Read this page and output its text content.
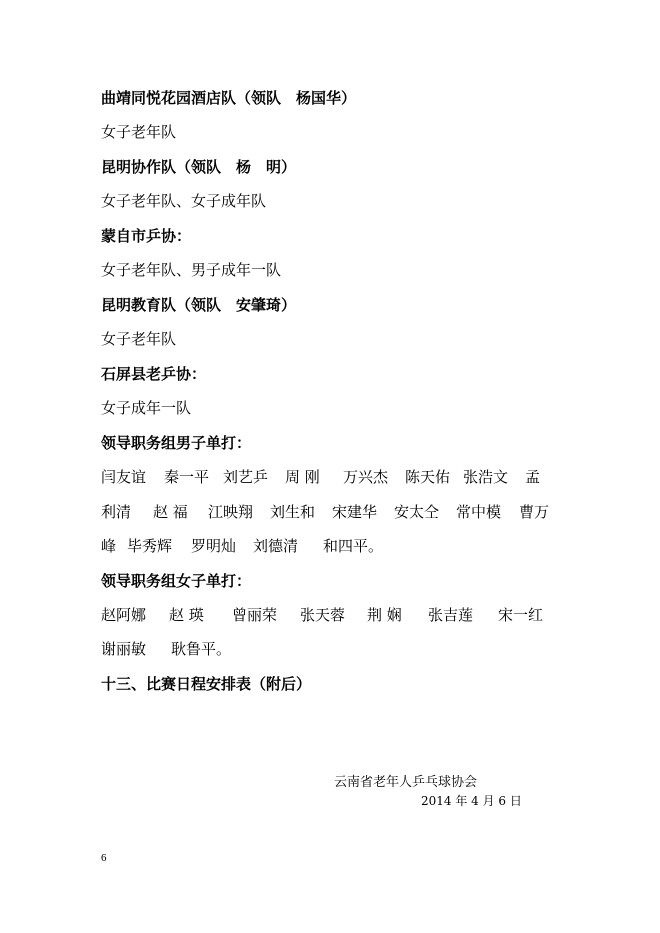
曲靖同悦花园酒店队（领队　杨国华）
女子老年队
昆明协作队（领队　杨　明）
女子老年队、女子成年队
蒙自市乒协：
女子老年队、男子成年一队
昆明教育队（领队　安肇琦）
女子老年队
石屏县老乒协：
女子成年一队
领导职务组男子单打：
闫友谊 秦一平 刘艺乒 周 刚 万兴杰 陈天佑 张浩文 孟
利清 赵 福 江映翔 刘生和 宋建华 安太仝 常中模 曹万
峰 毕秀辉 罗明灿 刘德清 和四平。
领导职务组女子单打：
赵阿娜 赵 瑛 曾丽荣 张天蓉 荆 娴 张吉莲 宋一红
谢丽敏 耿鲁平。
十三、比赛日程安排表（附后）
云南省老年人乒乓球协会
2014 年 4 月 6 日
6
